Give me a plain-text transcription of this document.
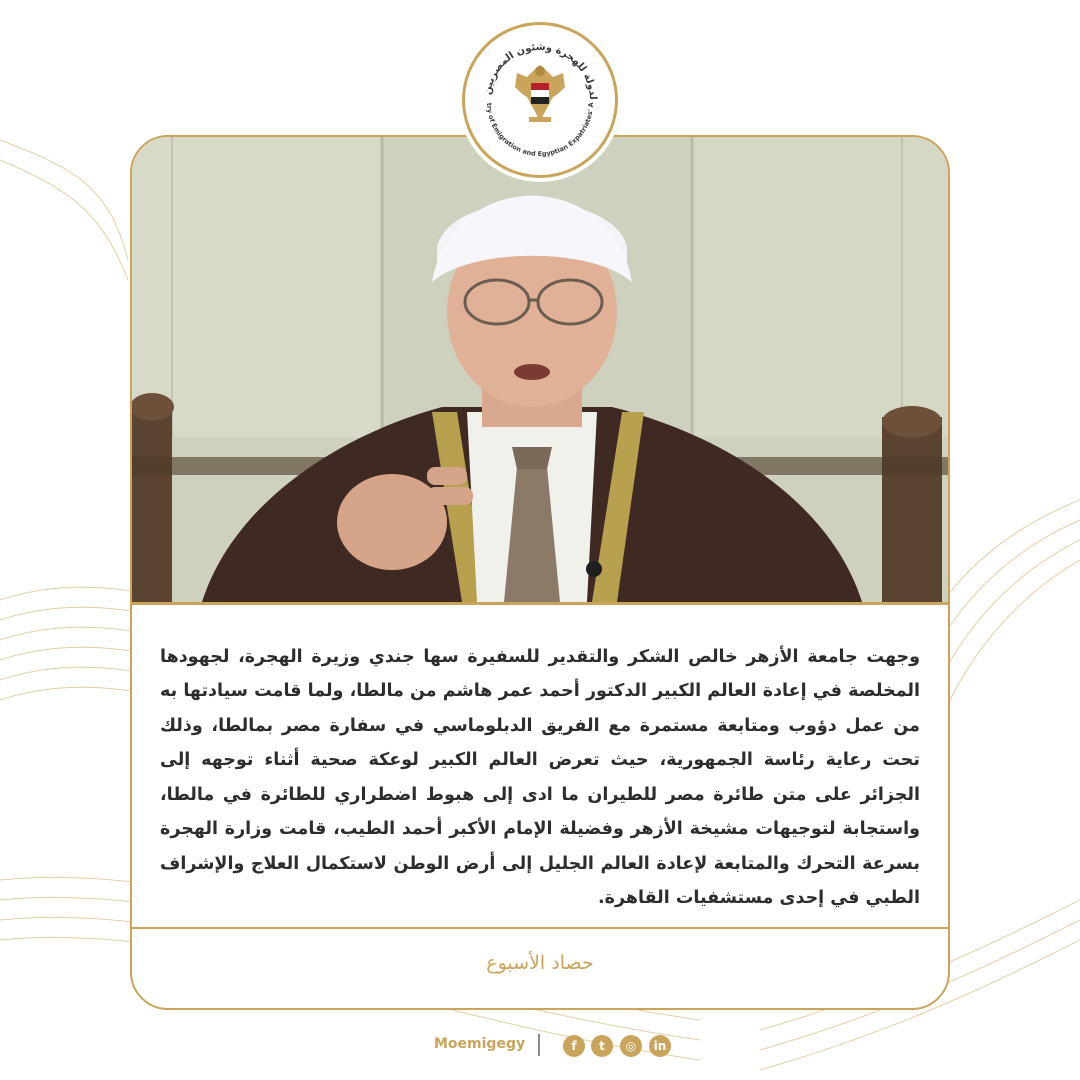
لدولة للهجرة وشئون المصريين
try of Emigration and Egyptian Expatriates' A

وجهت جامعة الأزهر خالص الشكر والتقدير للسفيرة سها جندي وزيرة الهجرة، لجهودها المخلصة في إعادة العالم الكبير الدكتور أحمد عمر هاشم من مالطا، ولما قامت سيادتها به من عمل دؤوب ومتابعة مستمرة مع الفريق الدبلوماسي في سفارة مصر بمالطا، وذلك تحت رعاية رئاسة الجمهورية، حيث تعرض العالم الكبير لوعكة صحية أثناء توجهه إلى الجزائر على متن طائرة مصر للطيران ما ادى إلى هبوط اضطراري للطائرة في مالطا، واستجابة لتوجيهات مشيخة الأزهر وفضيلة الإمام الأكبر أحمد الطيب، قامت وزارة الهجرة بسرعة التحرك والمتابعة لإعادة العالم الجليل إلى أرض الوطن لاستكمال العلاج والإشراف الطبي في إحدى مستشفيات القاهرة.

حصاد الأسبوع
Moemigegy	f	t	◎	in
